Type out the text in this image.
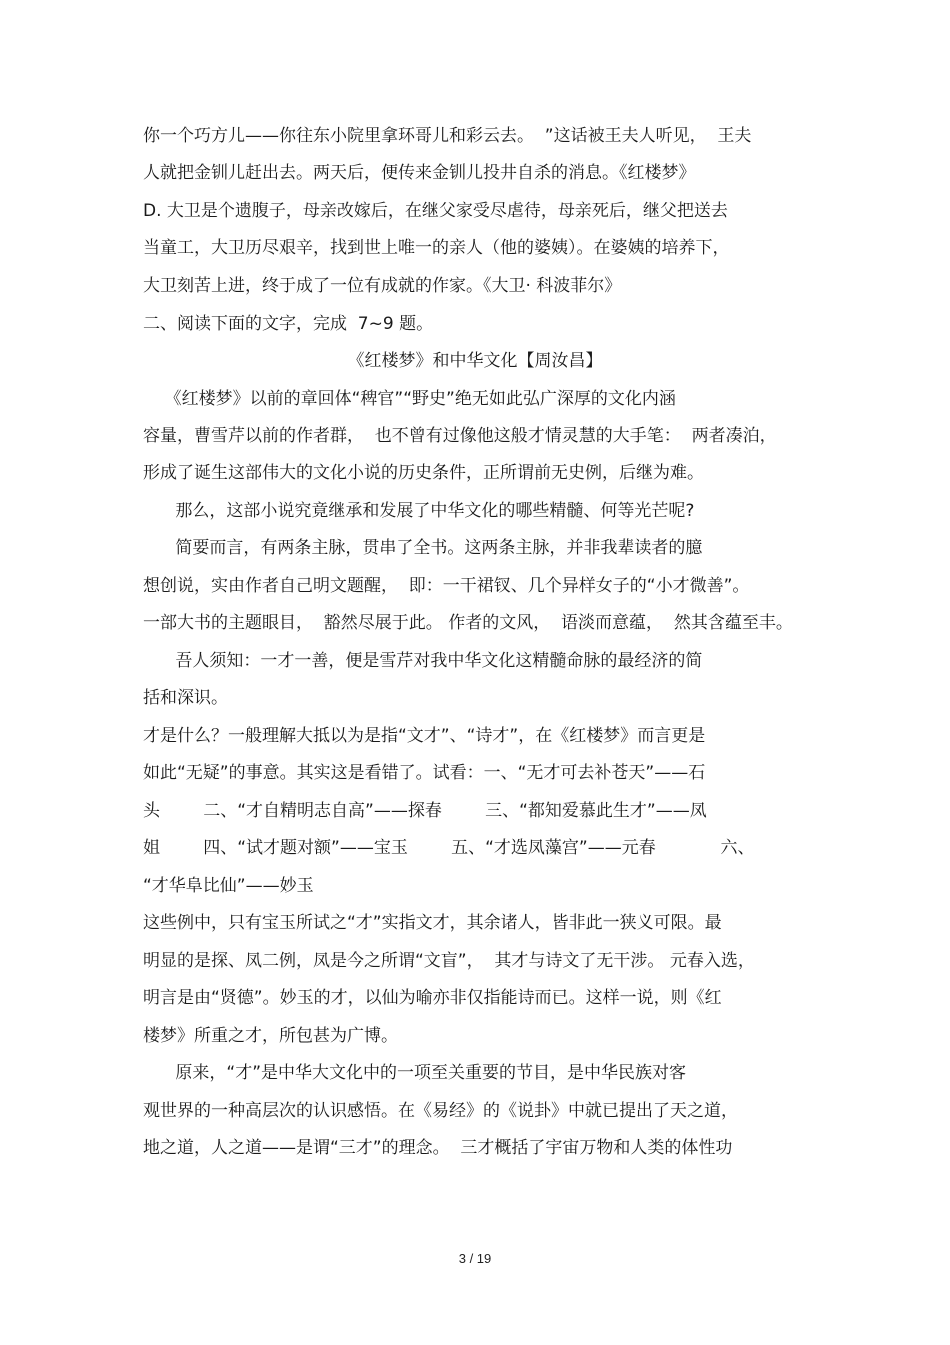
你一个巧方儿——你往东小院里拿环哥儿和彩云去。  ”这话被王夫人听见，  王夫

人就把金钏儿赶出去。两天后，便传来金钏儿投井自杀的消息。《红楼梦》

D. 大卫是个遗腹子，母亲改嫁后，在继父家受尽虐待，母亲死后，继父把送去

当童工，大卫历尽艰辛，找到世上唯一的亲人（他的婆姨）。在婆姨的培养下，

大卫刻苦上进，终于成了一位有成就的作家。《大卫· 科波菲尔》

二、阅读下面的文字，完成  7~9 题。

《红楼梦》和中华文化【周汝昌】

《红楼梦》以前的章回体“稗官”“野史”绝无如此弘广深厚的文化内涵

容量，曹雪芹以前的作者群，  也不曾有过像他这般才情灵慧的大手笔：  两者凑泊，

形成了诞生这部伟大的文化小说的历史条件，正所谓前无史例，后继为难。

那么，这部小说究竟继承和发展了中华文化的哪些精髓、何等光芒呢?

简要而言，有两条主脉，贯串了全书。这两条主脉，并非我辈读者的臆

想创说，实由作者自己明文题醒，  即：一干裙钗、几个异样女子的“小才微善”。

一部大书的主题眼目，  豁然尽展于此。 作者的文风，  语淡而意蕴，  然其含蕴至丰。

吾人须知：一才一善，便是雪芹对我中华文化这精髓命脉的最经济的简

括和深识。

才是什么？一般理解大抵以为是指“文才”、“诗才”，在《红楼梦》而言更是

如此“无疑”的事意。其实这是看错了。试看：一、“无才可去补苍天”——石

头        二、“才自精明志自高”——探春        三、“都知爱慕此生才”——凤

姐        四、“试才题对额”——宝玉        五、“才选凤藻宫”——元春            六、

“才华阜比仙”——妙玉

这些例中，只有宝玉所试之“才”实指文才，其余诸人，皆非此一狭义可限。最

明显的是探、凤二例，凤是今之所谓“文盲”，  其才与诗文了无干涉。 元春入选，

明言是由“贤德”。妙玉的才，以仙为喻亦非仅指能诗而已。这样一说，则《红

楼梦》所重之才，所包甚为广博。

原来，“才”是中华大文化中的一项至关重要的节目，是中华民族对客

观世界的一种高层次的认识感悟。在《易经》的《说卦》中就已提出了天之道，

地之道，人之道——是谓“三才”的理念。  三才概括了宇宙万物和人类的体性功

3 / 19
